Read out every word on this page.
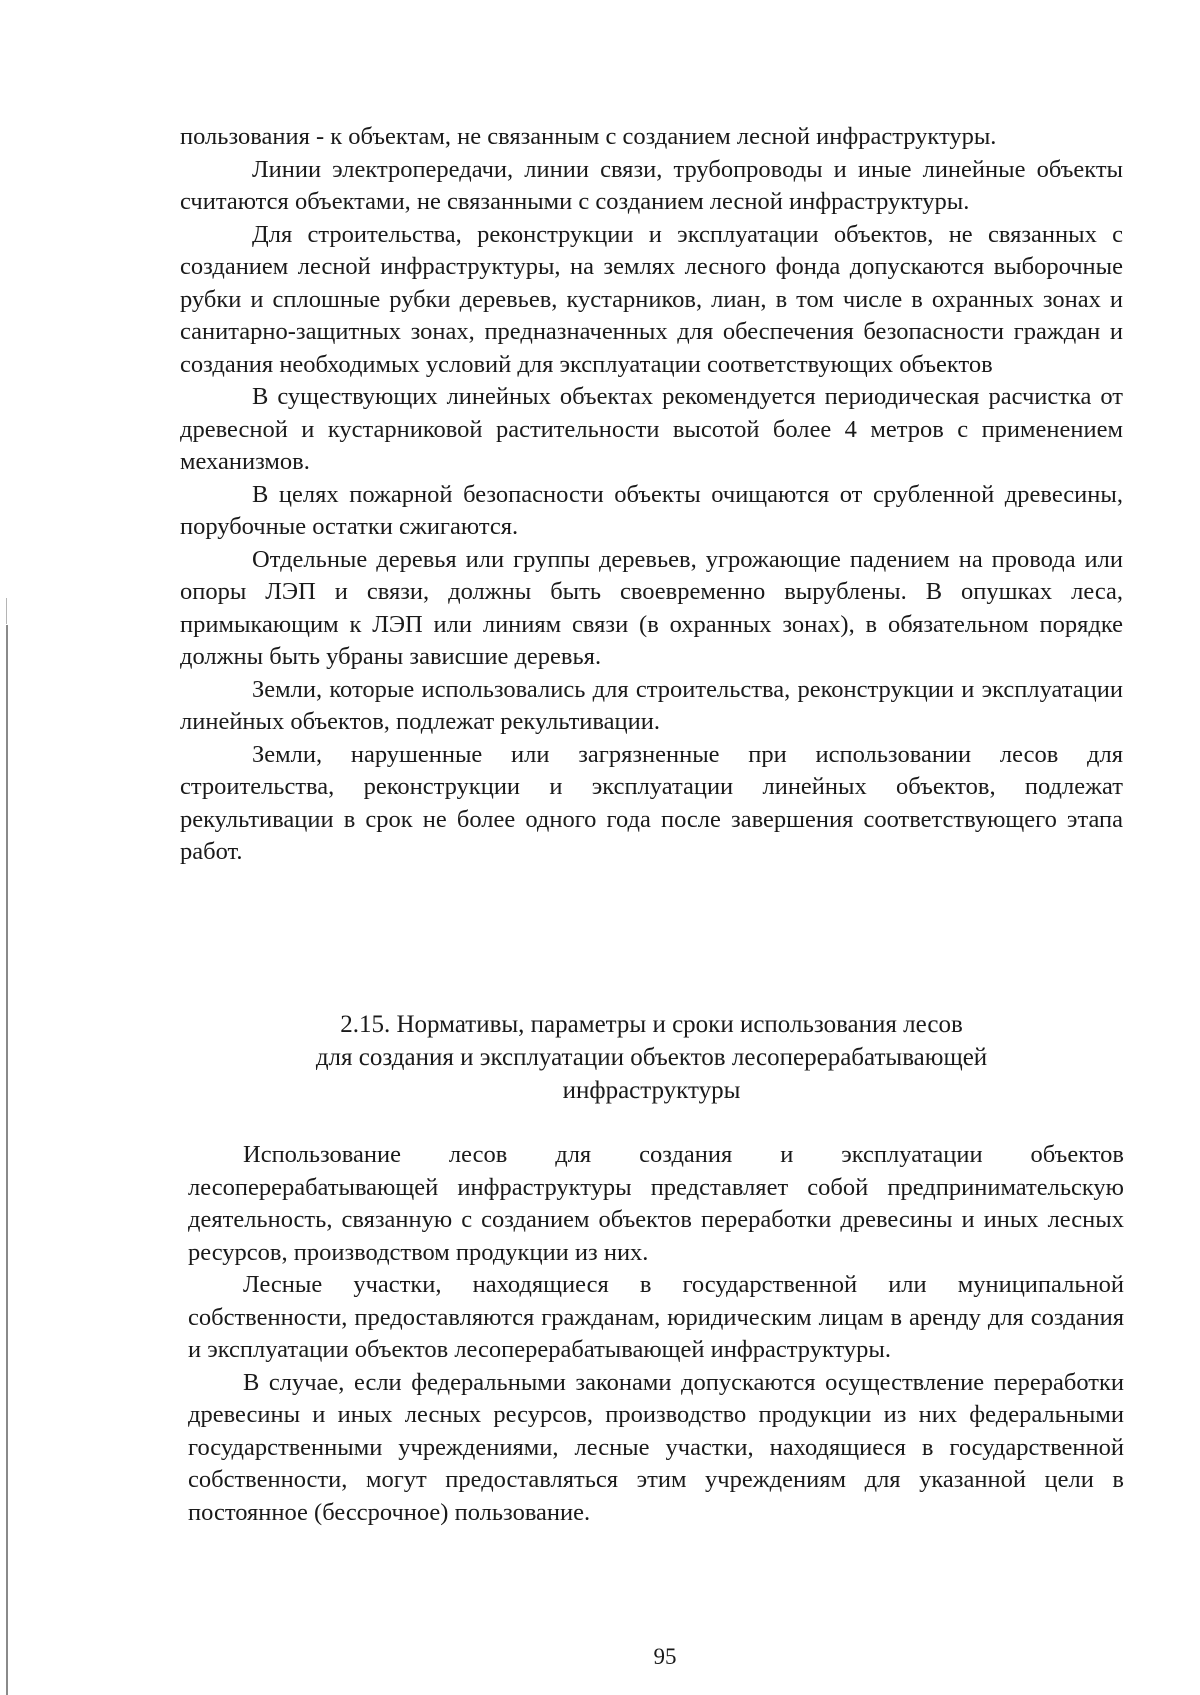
пользования - к объектам, не связанным с созданием лесной инфраструктуры.

Линии электропередачи, линии связи, трубопроводы и иные линейные объекты считаются объектами, не связанными с созданием лесной инфраструктуры.

Для строительства, реконструкции и эксплуатации объектов, не связанных с созданием лесной инфраструктуры, на землях лесного фонда допускаются выборочные рубки и сплошные рубки деревьев, кустарников, лиан, в том числе в охранных зонах и санитарно-защитных зонах, предназначенных для обеспечения безопасности граждан и создания необходимых условий для эксплуатации соответствующих объектов

В существующих линейных объектах рекомендуется периодическая расчистка от древесной и кустарниковой растительности высотой более 4 метров с применением механизмов.

В целях пожарной безопасности объекты очищаются от срубленной древесины, порубочные остатки сжигаются.

Отдельные деревья или группы деревьев, угрожающие падением на провода или опоры ЛЭП и связи, должны быть своевременно вырублены. В опушках леса, примыкающим к ЛЭП или линиям связи (в охранных зонах), в обязательном порядке должны быть убраны зависшие деревья.

Земли, которые использовались для строительства, реконструкции и эксплуатации линейных объектов, подлежат рекультивации.

Земли, нарушенные или загрязненные при использовании лесов для строительства, реконструкции и эксплуатации линейных объектов, подлежат рекультивации в срок не более одного года после завершения соответствующего этапа работ.

2.15. Нормативы, параметры и сроки использования лесов
для создания и эксплуатации объектов лесоперерабатывающей
инфраструктуры

Использование лесов для создания и эксплуатации объектов лесоперерабатывающей инфраструктуры представляет собой предпринимательскую деятельность, связанную с созданием объектов переработки древесины и иных лесных ресурсов, производством продукции из них.

Лесные участки, находящиеся в государственной или муниципальной собственности, предоставляются гражданам, юридическим лицам в аренду для создания и эксплуатации объектов лесоперерабатывающей инфраструктуры.

В случае, если федеральными законами допускаются осуществление переработки древесины и иных лесных ресурсов, производство продукции из них федеральными государственными учреждениями, лесные участки, находящиеся в государственной собственности, могут предоставляться этим учреждениям для указанной цели в постоянное (бессрочное) пользование.

95
